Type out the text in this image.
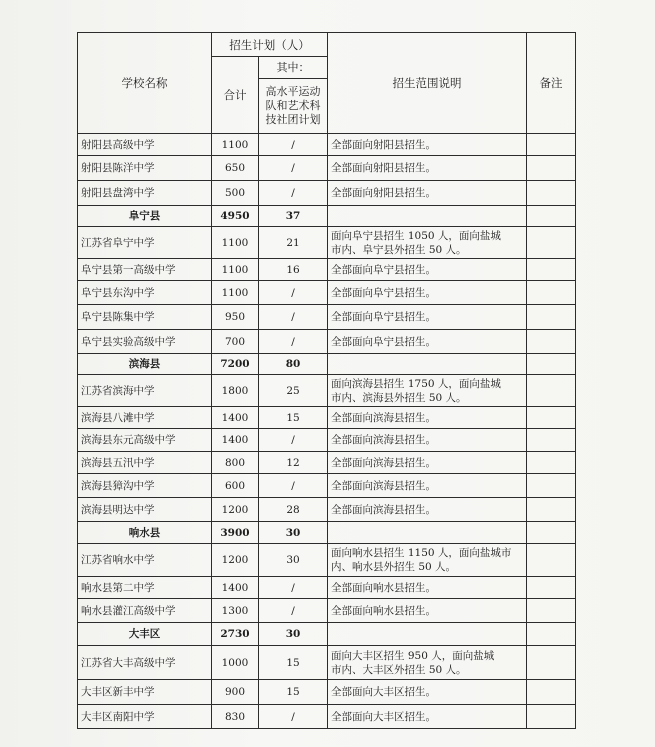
学校名称	招生计划（人）		招生范围说明	备注
	合计	其中：		
		高水平运动队和艺术科技社团计划		
射阳县高级中学	1100	/	全部面向射阳县招生。	
射阳县陈洋中学	650	/	全部面向射阳县招生。	
射阳县盘湾中学	500	/	全部面向射阳县招生。	
阜宁县	4950	37		
江苏省阜宁中学	1100	21	面向阜宁县招生 1050 人，面向盐城
市内、阜宁县外招生 50 人。	
阜宁县第一高级中学	1100	16	全部面向阜宁县招生。	
阜宁县东沟中学	1100	/	全部面向阜宁县招生。	
阜宁县陈集中学	950	/	全部面向阜宁县招生。	
阜宁县实验高级中学	700	/	全部面向阜宁县招生。	
滨海县	7200	80		
江苏省滨海中学	1800	25	面向滨海县招生 1750 人，面向盐城
市内、滨海县外招生 50 人。	
滨海县八滩中学	1400	15	全部面向滨海县招生。	
滨海县东元高级中学	1400	/	全部面向滨海县招生。	
滨海县五汛中学	800	12	全部面向滨海县招生。	
滨海县獐沟中学	600	/	全部面向滨海县招生。	
滨海县明达中学	1200	28	全部面向滨海县招生。	
响水县	3900	30		
江苏省响水中学	1200	30	面向响水县招生 1150 人，面向盐城市
内、响水县外招生 50 人。	
响水县第二中学	1400	/	全部面向响水县招生。	
响水县灌江高级中学	1300	/	全部面向响水县招生。	
大丰区	2730	30		
江苏省大丰高级中学	1000	15	面向大丰区招生 950 人，面向盐城
市内、大丰区外招生 50 人。	
大丰区新丰中学	900	15	全部面向大丰区招生。	
大丰区南阳中学	830	/	全部面向大丰区招生。	
